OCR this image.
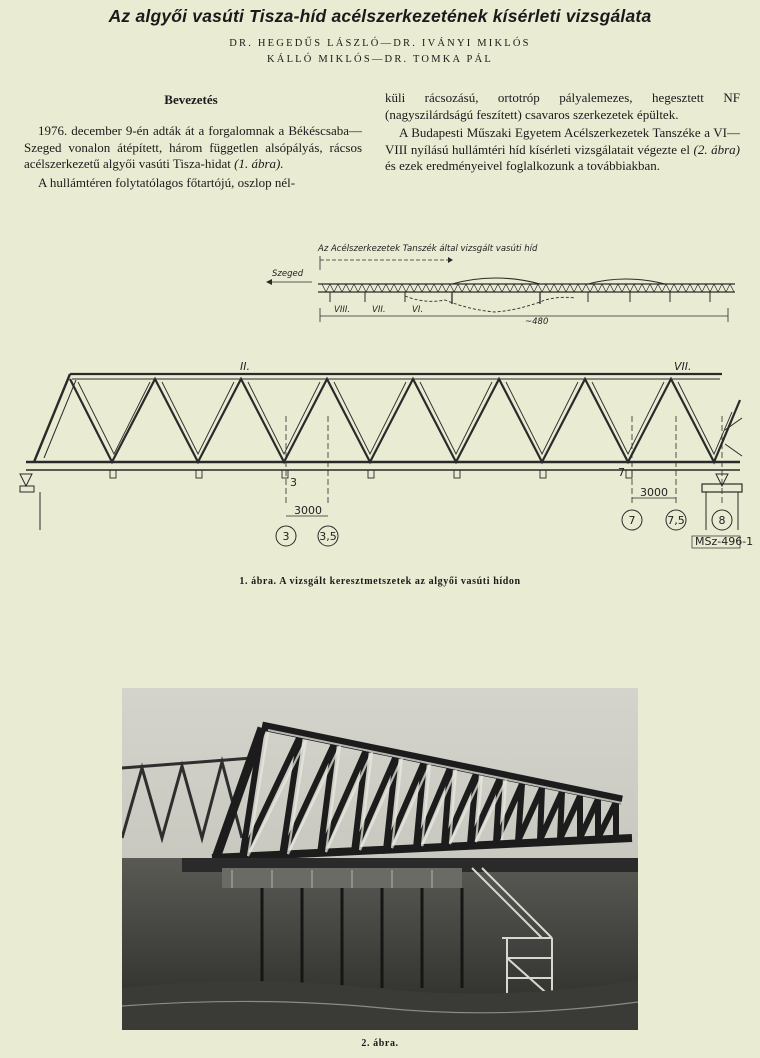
Az algyői vasúti Tisza-híd acélszerkezetének kísérleti vizsgálata
DR. HEGEDŰS LÁSZLÓ—DR. IVÁNYI MIKLÓS
KÁLLÓ MIKLÓS—DR. TOMKA PÁL
Bevezetés

1976. december 9-én adták át a forgalomnak a Békéscsaba—Szeged vonalon átépített, három független alsópályás, rácsos acélszerkezetű algyői vasúti Tisza-hidat (1. ábra).

A hullámtéren folytatólagos főtartójú, oszlop nél-

küli rácsozású, ortotróp pályalemezes, hegesztett NF (nagyszilárdságú feszített) csavaros szerkezetek épültek.

A Budapesti Műszaki Egyetem Acélszerkezetek Tanszéke a VI—VIII nyílású hullámtéri híd kísérleti vizsgálatait végezte el (2. ábra) és ezek eredményeivel foglalkozunk a továbbiakban.

Az Acélszerkezetek Tanszék által vizsgált vasúti híd
Szeged
VIII.	VII.	VI.
~480
II.	VII.
3
7
3000
3000
3	3,5
7	7,5	8
MSz-496-1
1. ábra. A vizsgált keresztmetszetek az algyői vasúti hídon
2. ábra.
